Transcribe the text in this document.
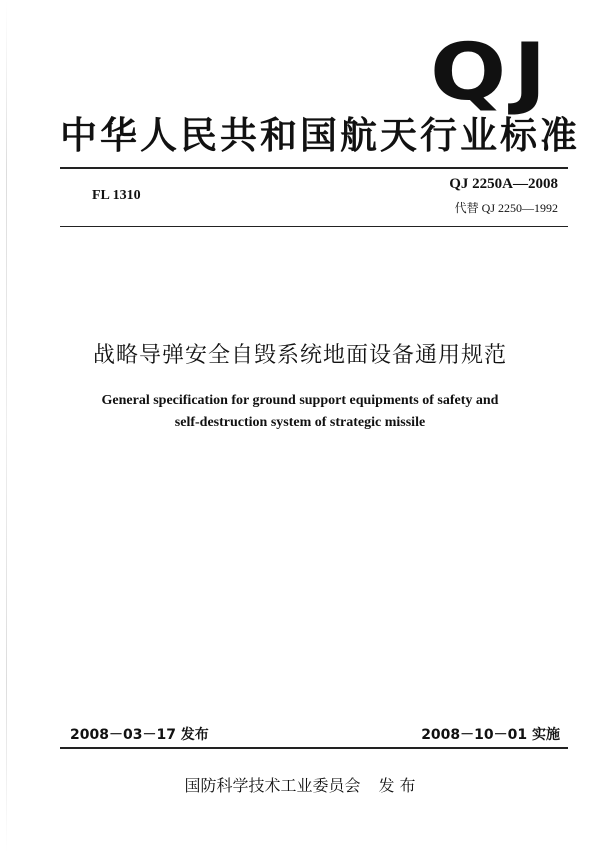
QJ
中华人民共和国航天行业标准
FL 1310
QJ 2250A—2008
代替 QJ 2250—1992
战略导弹安全自毁系统地面设备通用规范
General specification for ground support equipments of safety and
self-destruction system of strategic missile
2008－03－17 发布	2008－10－01 实施
国防科学技术工业委员会 发 布
